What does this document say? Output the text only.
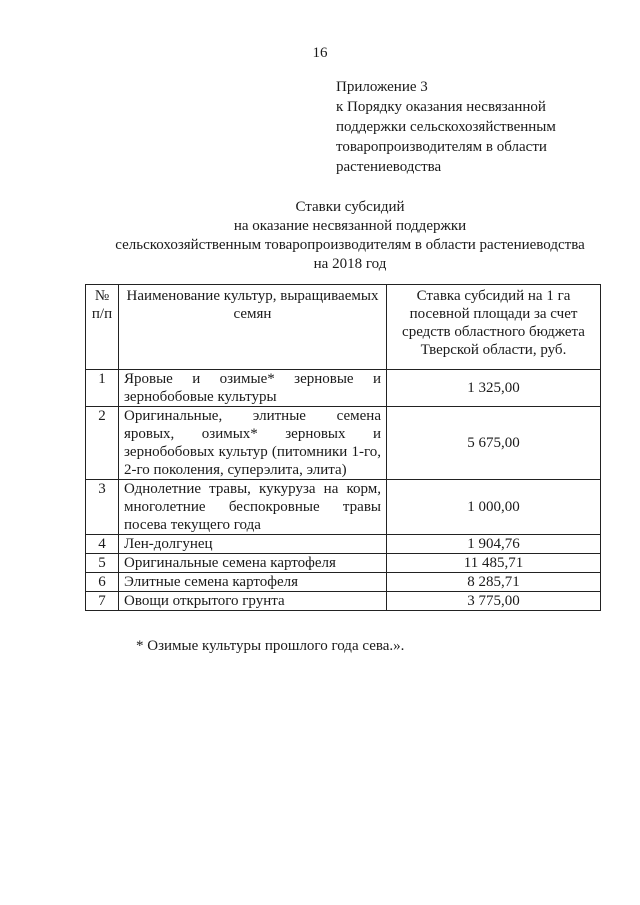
16
Приложение 3
к Порядку оказания несвязанной
поддержки сельскохозяйственным
товаропроизводителям в области
растениеводства
Ставки субсидий
на оказание несвязанной поддержки
сельскохозяйственным товаропроизводителям в области растениеводства
на 2018 год
№ п/п	Наименование культур, выращиваемых семян	Ставка субсидий на 1 га посевной площади за счет средств областного бюджета Тверской области, руб.
1	Яровые и озимые* зерновые и зернобобовые культуры	1 325,00
2	Оригинальные, элитные семена яровых, озимых* зерновых и зернобобовых культур (питомники 1-го, 2-го поколения, суперэлита, элита)	5 675,00
3	Однолетние травы, кукуруза на корм, многолетние беспокровные травы посева текущего года	1 000,00
4	Лен-долгунец	1 904,76
5	Оригинальные семена картофеля	11 485,71
6	Элитные семена картофеля	8 285,71
7	Овощи открытого грунта	3 775,00
* Озимые культуры прошлого года сева.».
